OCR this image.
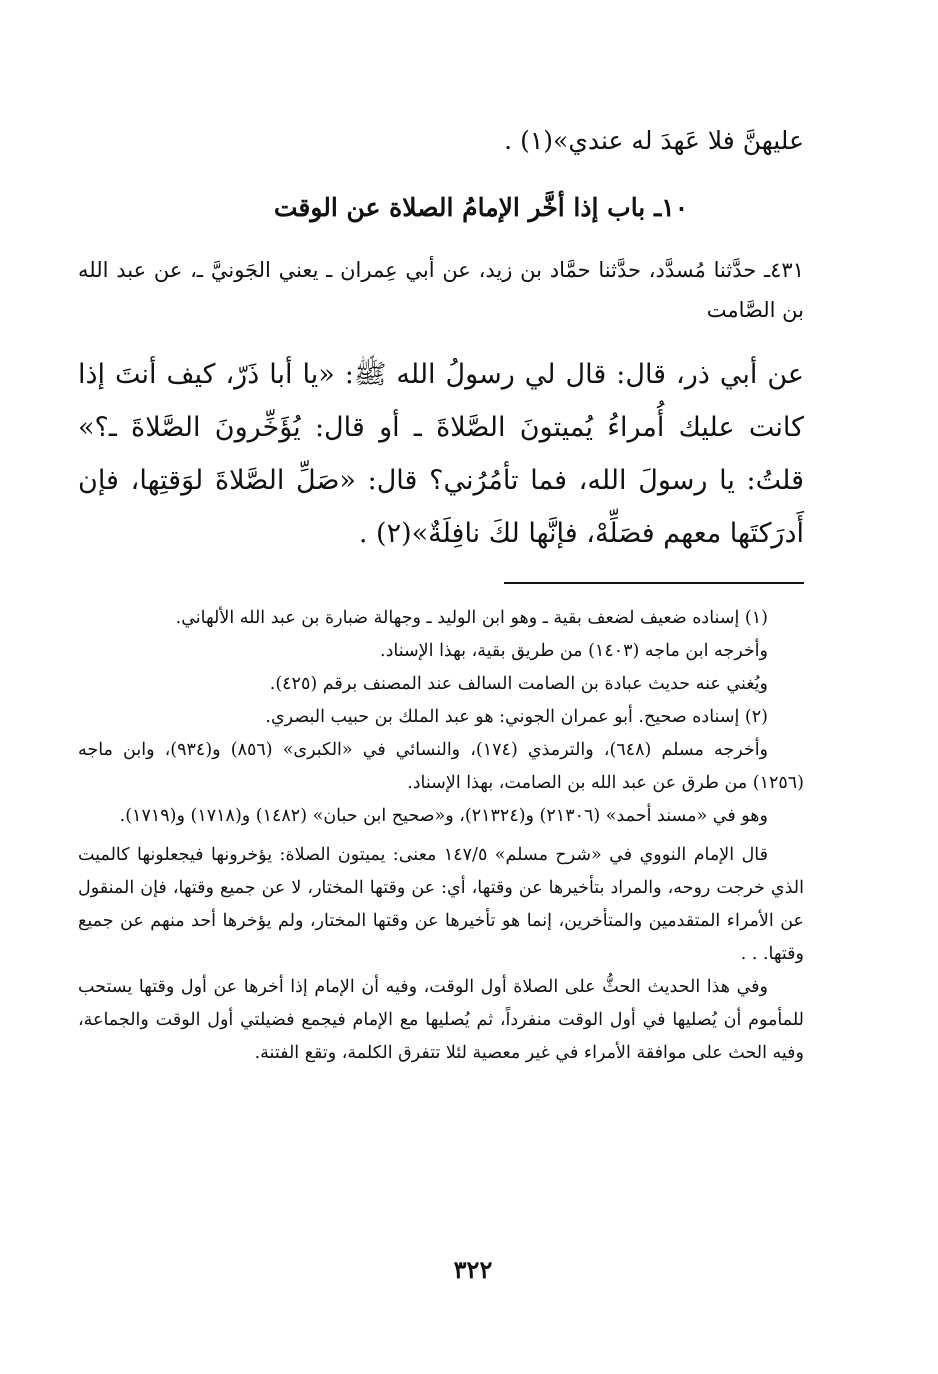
عليهنَّ فلا عَهدَ له عندي»(١) .

١٠ـ باب إذا أخَّر الإمامُ الصلاة عن الوقت

٤٣١ـ حدَّثنا مُسدَّد، حدَّثنا حمَّاد بن زيد، عن أبي عِمران ـ يعني الجَونيَّ ـ، عن عبد الله بن الصَّامت

عن أبي ذر، قال: قال لي رسولُ الله ﷺ: «يا أبا ذَرّ، كيف أنتَ إذا كانت عليك أُمراءُ يُميتونَ الصَّلاةَ ـ أو قال: يُؤَخِّرونَ الصَّلاةَ ـ؟» قلتُ: يا رسولَ الله، فما تأمُرُني؟ قال: «صَلِّ الصَّلاةَ لوَقتِها، فإن أَدرَكتَها معهم فصَلِّهْ، فإنَّها لكَ نافِلَةٌ»(٢) .

(١) إسناده ضعيف لضعف بقية ـ وهو ابن الوليد ـ وجهالة ضبارة بن عبد الله الألهاني.

وأخرجه ابن ماجه (١٤٠٣) من طريق بقية، بهذا الإسناد.

ويُغني عنه حديث عبادة بن الصامت السالف عند المصنف برقم (٤٢٥).

(٢) إسناده صحيح. أبو عمران الجوني: هو عبد الملك بن حبيب البصري.

وأخرجه مسلم (٦٤٨)، والترمذي (١٧٤)، والنسائي في «الكبرى» (٨٥٦) و(٩٣٤)، وابن ماجه (١٢٥٦) من طرق عن عبد الله بن الصامت، بهذا الإسناد.

وهو في «مسند أحمد» (٢١٣٠٦) و(٢١٣٢٤)، و«صحيح ابن حبان» (١٤٨٢) و(١٧١٨) و(١٧١٩).

قال الإمام النووي في «شرح مسلم» ١٤٧/٥ معنى: يميتون الصلاة: يؤخرونها فيجعلونها كالميت الذي خرجت روحه، والمراد بتأخيرها عن وقتها، أي: عن وقتها المختار، لا عن جميع وقتها، فإن المنقول عن الأمراء المتقدمين والمتأخرين، إنما هو تأخيرها عن وقتها المختار، ولم يؤخرها أحد منهم عن جميع وقتها. . .

وفي هذا الحديث الحثُّ على الصلاة أول الوقت، وفيه أن الإمام إذا أخرها عن أول وقتها يستحب للمأموم أن يُصليها في أول الوقت منفرداً، ثم يُصليها مع الإمام فيجمع فضيلتي أول الوقت والجماعة، وفيه الحث على موافقة الأمراء في غير معصية لئلا تتفرق الكلمة، وتقع الفتنة.

٣٢٢
